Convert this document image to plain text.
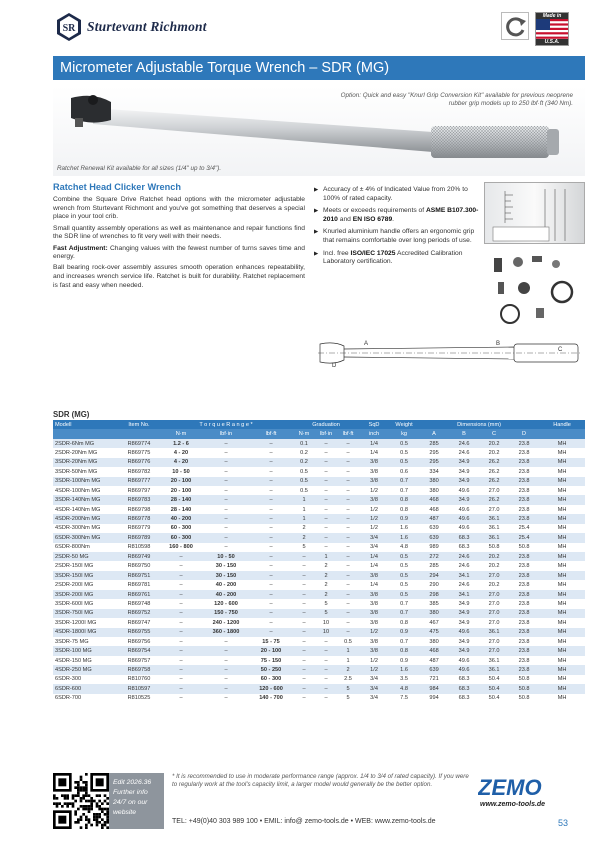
SR Sturtevant Richmont
Made in
U.S.A.
Micrometer Adjustable Torque Wrench – SDR (MG)
Option: Quick and easy "Knurl Grip Conversion Kit" available for previous neoprene rubber grip models up to 250 lbf·ft (340 Nm).
Ratchet Renewal Kit available for all sizes (1/4" up to 3/4").
Ratchet Head Clicker Wrench

Combine the Square Drive Ratchet head options with the micrometer adjustable wrench from Sturtevant Richmont and you've got something that deserves a special place in your tool crib.

Small quantity assembly operations as well as maintenance and repair functions find the SDR line of wrenches to fit very well with their needs.

Fast Adjustment: Changing values with the fewest number of turns saves time and energy.

Ball bearing rock-over assembly assures smooth operation enhances repeatability, and increases wrench service life. Ratchet is built for durability. Ratchet replacement is fast and easy when needed.

▶ Accuracy of ± 4% of Indicated Value from 20% to 100% of rated capacity.
▶ Meets or exceeds requirements of ASME B107.300-2010 and EN ISO 6789.
▶ Knurled aluminium handle offers an ergonomic grip that remains comfortable over long periods of use.
▶ Incl. free ISO/IEC 17025 Accredited Calibration Laboratory certification.
A	B
C
D
SDR (MG)
Modell	Item No.	T o r q u e R a n g e *			Graduation			SqD	Weight	Dimensions (mm)				Handle
		N·m	lbf·in	lbf·ft	N·m	lbf·in	lbf·ft	inch	kg	A	B	C	D	
2SDR-6Nm MG	R869774	1.2 - 6	–	–	0.1	–	–	1/4	0.5	285	24.6	20.2	23.8	MH
2SDR-20Nm MG	R869775	4 - 20	–	–	0.2	–	–	1/4	0.5	295	24.6	20.2	23.8	MH
3SDR-20Nm MG	R869776	4 - 20	–	–	0.2	–	–	3/8	0.5	295	34.9	26.2	23.8	MH
3SDR-50Nm MG	R869782	10 - 50	–	–	0.5	–	–	3/8	0.6	334	34.9	26.2	23.8	MH
3SDR-100Nm MG	R869777	20 - 100	–	–	0.5	–	–	3/8	0.7	380	34.9	26.2	23.8	MH
4SDR-100Nm MG	R869797	20 - 100	–	–	0.5	–	–	1/2	0.7	380	49.6	27.0	23.8	MH
3SDR-140Nm MG	R869783	28 - 140	–	–	1	–	–	3/8	0.8	468	34.9	26.2	23.8	MH
4SDR-140Nm MG	R869798	28 - 140	–	–	1	–	–	1/2	0.8	468	49.6	27.0	23.8	MH
4SDR-200Nm MG	R869778	40 - 200	–	–	1	–	–	1/2	0.9	487	49.6	36.1	23.8	MH
4SDR-300Nm MG	R869779	60 - 300	–	–	2	–	–	1/2	1.6	639	49.6	36.1	25.4	MH
6SDR-300Nm MG	R869789	60 - 300	–	–	2	–	–	3/4	1.6	639	68.3	36.1	25.4	MH
6SDR-800Nm	R810598	160 - 800	–	–	5	–	–	3/4	4.8	989	68.3	50.8	50.8	MH
2SDR-50 MG	R869749	–	10 - 50	–	–	1	–	1/4	0.5	272	24.6	20.2	23.8	MH
2SDR-150I MG	R869750	–	30 - 150	–	–	2	–	1/4	0.5	285	24.6	20.2	23.8	MH
3SDR-150I MG	R869751	–	30 - 150	–	–	2	–	3/8	0.5	294	34.1	27.0	23.8	MH
2SDR-200I MG	R869781	–	40 - 200	–	–	2	–	1/4	0.5	290	24.6	20.2	23.8	MH
3SDR-200I MG	R869761	–	40 - 200	–	–	2	–	3/8	0.5	298	34.1	27.0	23.8	MH
3SDR-600I MG	R869748	–	120 - 600	–	–	5	–	3/8	0.7	385	34.9	27.0	23.8	MH
3SDR-750I MG	R869752	–	150 - 750	–	–	5	–	3/8	0.7	380	34.9	27.0	23.8	MH
3SDR-1200I MG	R869747	–	240 - 1200	–	–	10	–	3/8	0.8	467	34.9	27.0	23.8	MH
4SDR-1800I MG	R869755	–	360 - 1800	–	–	10	–	1/2	0.9	475	49.6	36.1	23.8	MH
3SDR-75 MG	R869756	–	–	15 - 75	–	–	0.5	3/8	0.7	380	34.9	27.0	23.8	MH
3SDR-100 MG	R869754	–	–	20 - 100	–	–	1	3/8	0.8	468	34.9	27.0	23.8	MH
4SDR-150 MG	R869757	–	–	75 - 150	–	–	1	1/2	0.9	487	49.6	36.1	23.8	MH
4SDR-250 MG	R869758	–	–	50 - 250	–	–	2	1/2	1.6	639	49.6	36.1	23.8	MH
6SDR-300	R810760	–	–	60 - 300	–	–	2.5	3/4	3.5	721	68.3	50.4	50.8	MH
6SDR-600	R810597	–	–	120 - 600	–	–	5	3/4	4.8	984	68.3	50.4	50.8	MH
6SDR-700	R810525	–	–	140 - 700	–	–	5	3/4	7.5	994	68.3	50.4	50.8	MH
Edit 2026.36
Further info
24/7 on our
website
* It is recommended to use in moderate performance range (approx. 1/4 to 3/4 of rated capacity). If you were to regularly work at the tool's capacity limit, a larger model would generally be the better option.
TEL: +49(0)40 303 989 100 • EMIL: info@ zemo-tools.de • WEB: www.zemo-tools.de
ZEMO
www.zemo-tools.de
53
